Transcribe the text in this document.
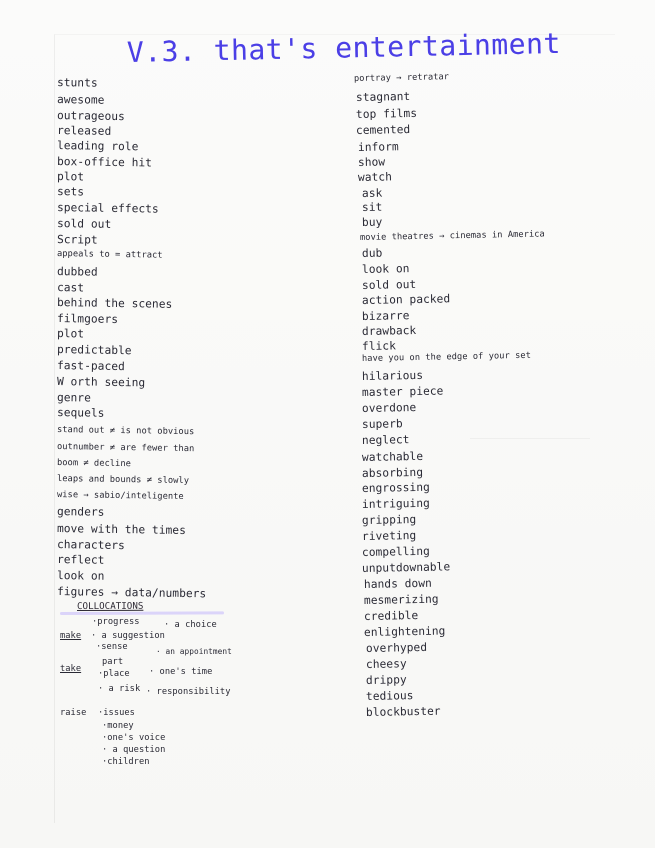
V.3. that's entertainment
stunts
awesome
outrageous
released
leading role
box-office hit
plot
sets
special effects
sold out
Script
appeals to = attract
dubbed
cast
behind the scenes
filmgoers
plot
predictable
fast-paced
W orth seeing
genre
sequels
stand out ≠ is not obvious
outnumber ≠ are fewer than
boom ≠ decline
leaps and bounds ≠ slowly
wise → sabio/inteligente
genders
move with the times
characters
reflect
look on
figures → data/numbers
COLLOCATIONS
·progress	· a choice
make · a suggestion
·sense	· an appointment
part
take ·place · one's time
· a risk · responsibility
raise ·issues
·money
·one's voice
· a question
·children
portray → retratar
stagnant
top films
cemented
inform
show
watch
ask
sit
buy
movie theatres → cinemas in America
dub
look on
sold out
action packed
bizarre
drawback
flick
have you on the edge of your set
hilarious
master piece
overdone
superb
neglect
watchable
absorbing
engrossing
intriguing
gripping
riveting
compelling
unputdownable
hands down
mesmerizing
credible
enlightening
overhyped
cheesy
drippy
tedious
blockbuster
